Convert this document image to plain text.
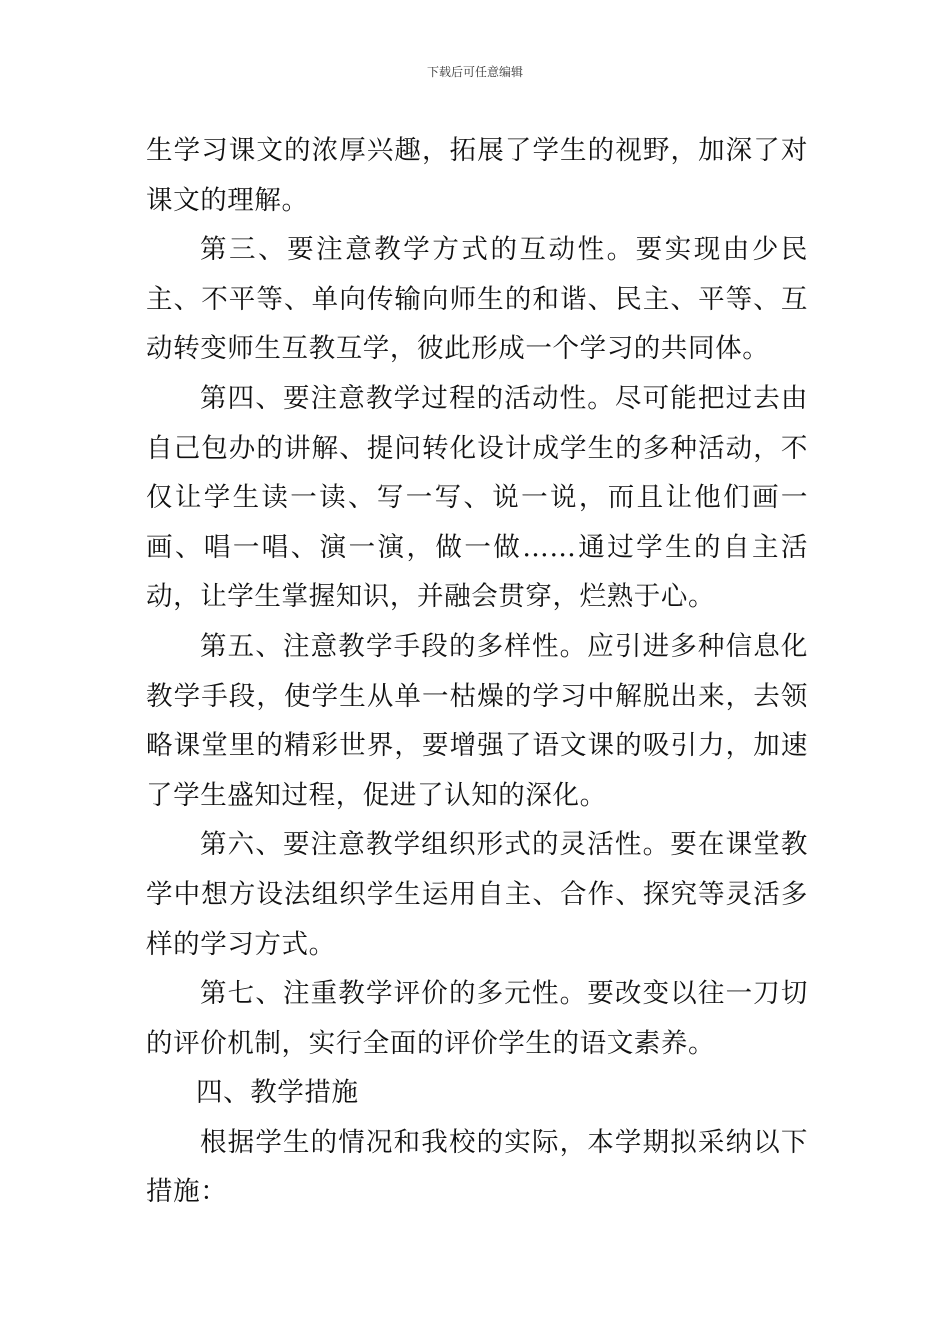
下载后可任意编辑

生学习课文的浓厚兴趣，拓展了学生的视野，加深了对课文的理解。

第三、要注意教学方式的互动性。要实现由少民主、不平等、单向传输向师生的和谐、民主、平等、互动转变师生互教互学，彼此形成一个学习的共同体。

第四、要注意教学过程的活动性。尽可能把过去由自己包办的讲解、提问转化设计成学生的多种活动，不仅让学生读一读、写一写、说一说，而且让他们画一画、唱一唱、演一演，做一做……通过学生的自主活动，让学生掌握知识，并融会贯穿，烂熟于心。

第五、注意教学手段的多样性。应引进多种信息化教学手段，使学生从单一枯燥的学习中解脱出来，去领略课堂里的精彩世界，要增强了语文课的吸引力，加速了学生盛知过程，促进了认知的深化。

第六、要注意教学组织形式的灵活性。要在课堂教学中想方设法组织学生运用自主、合作、探究等灵活多样的学习方式。

第七、注重教学评价的多元性。要改变以往一刀切的评价机制，实行全面的评价学生的语文素养。

四、教学措施

根据学生的情况和我校的实际，本学期拟采纳以下措施：
